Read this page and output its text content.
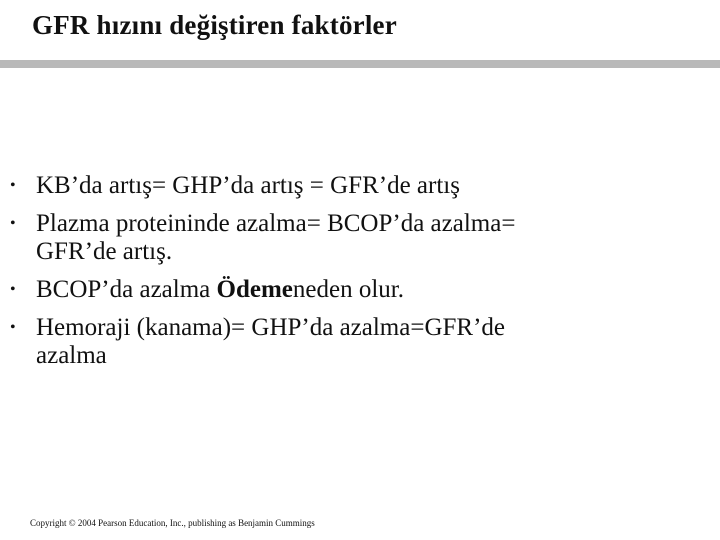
GFR hızını değiştiren faktörler
• KB’da artış= GHP’da artış = GFR’de artış
• Plazma proteininde azalma= BCOP’da azalma=
GFR’de artış.
• BCOP’da azalma Ödemeneden olur.
• Hemoraji (kanama)= GHP’da azalma=GFR’de
azalma
Copyright © 2004 Pearson Education, Inc., publishing as Benjamin Cummings
